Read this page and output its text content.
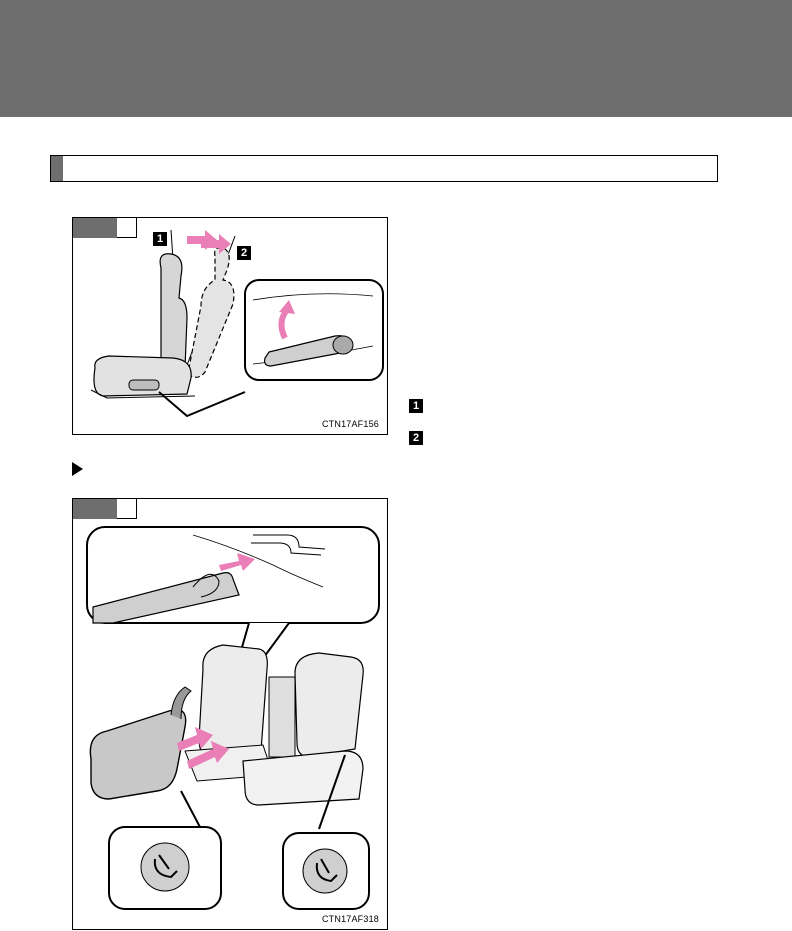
1
2
CTN17AF156
1
2
CTN17AF318
